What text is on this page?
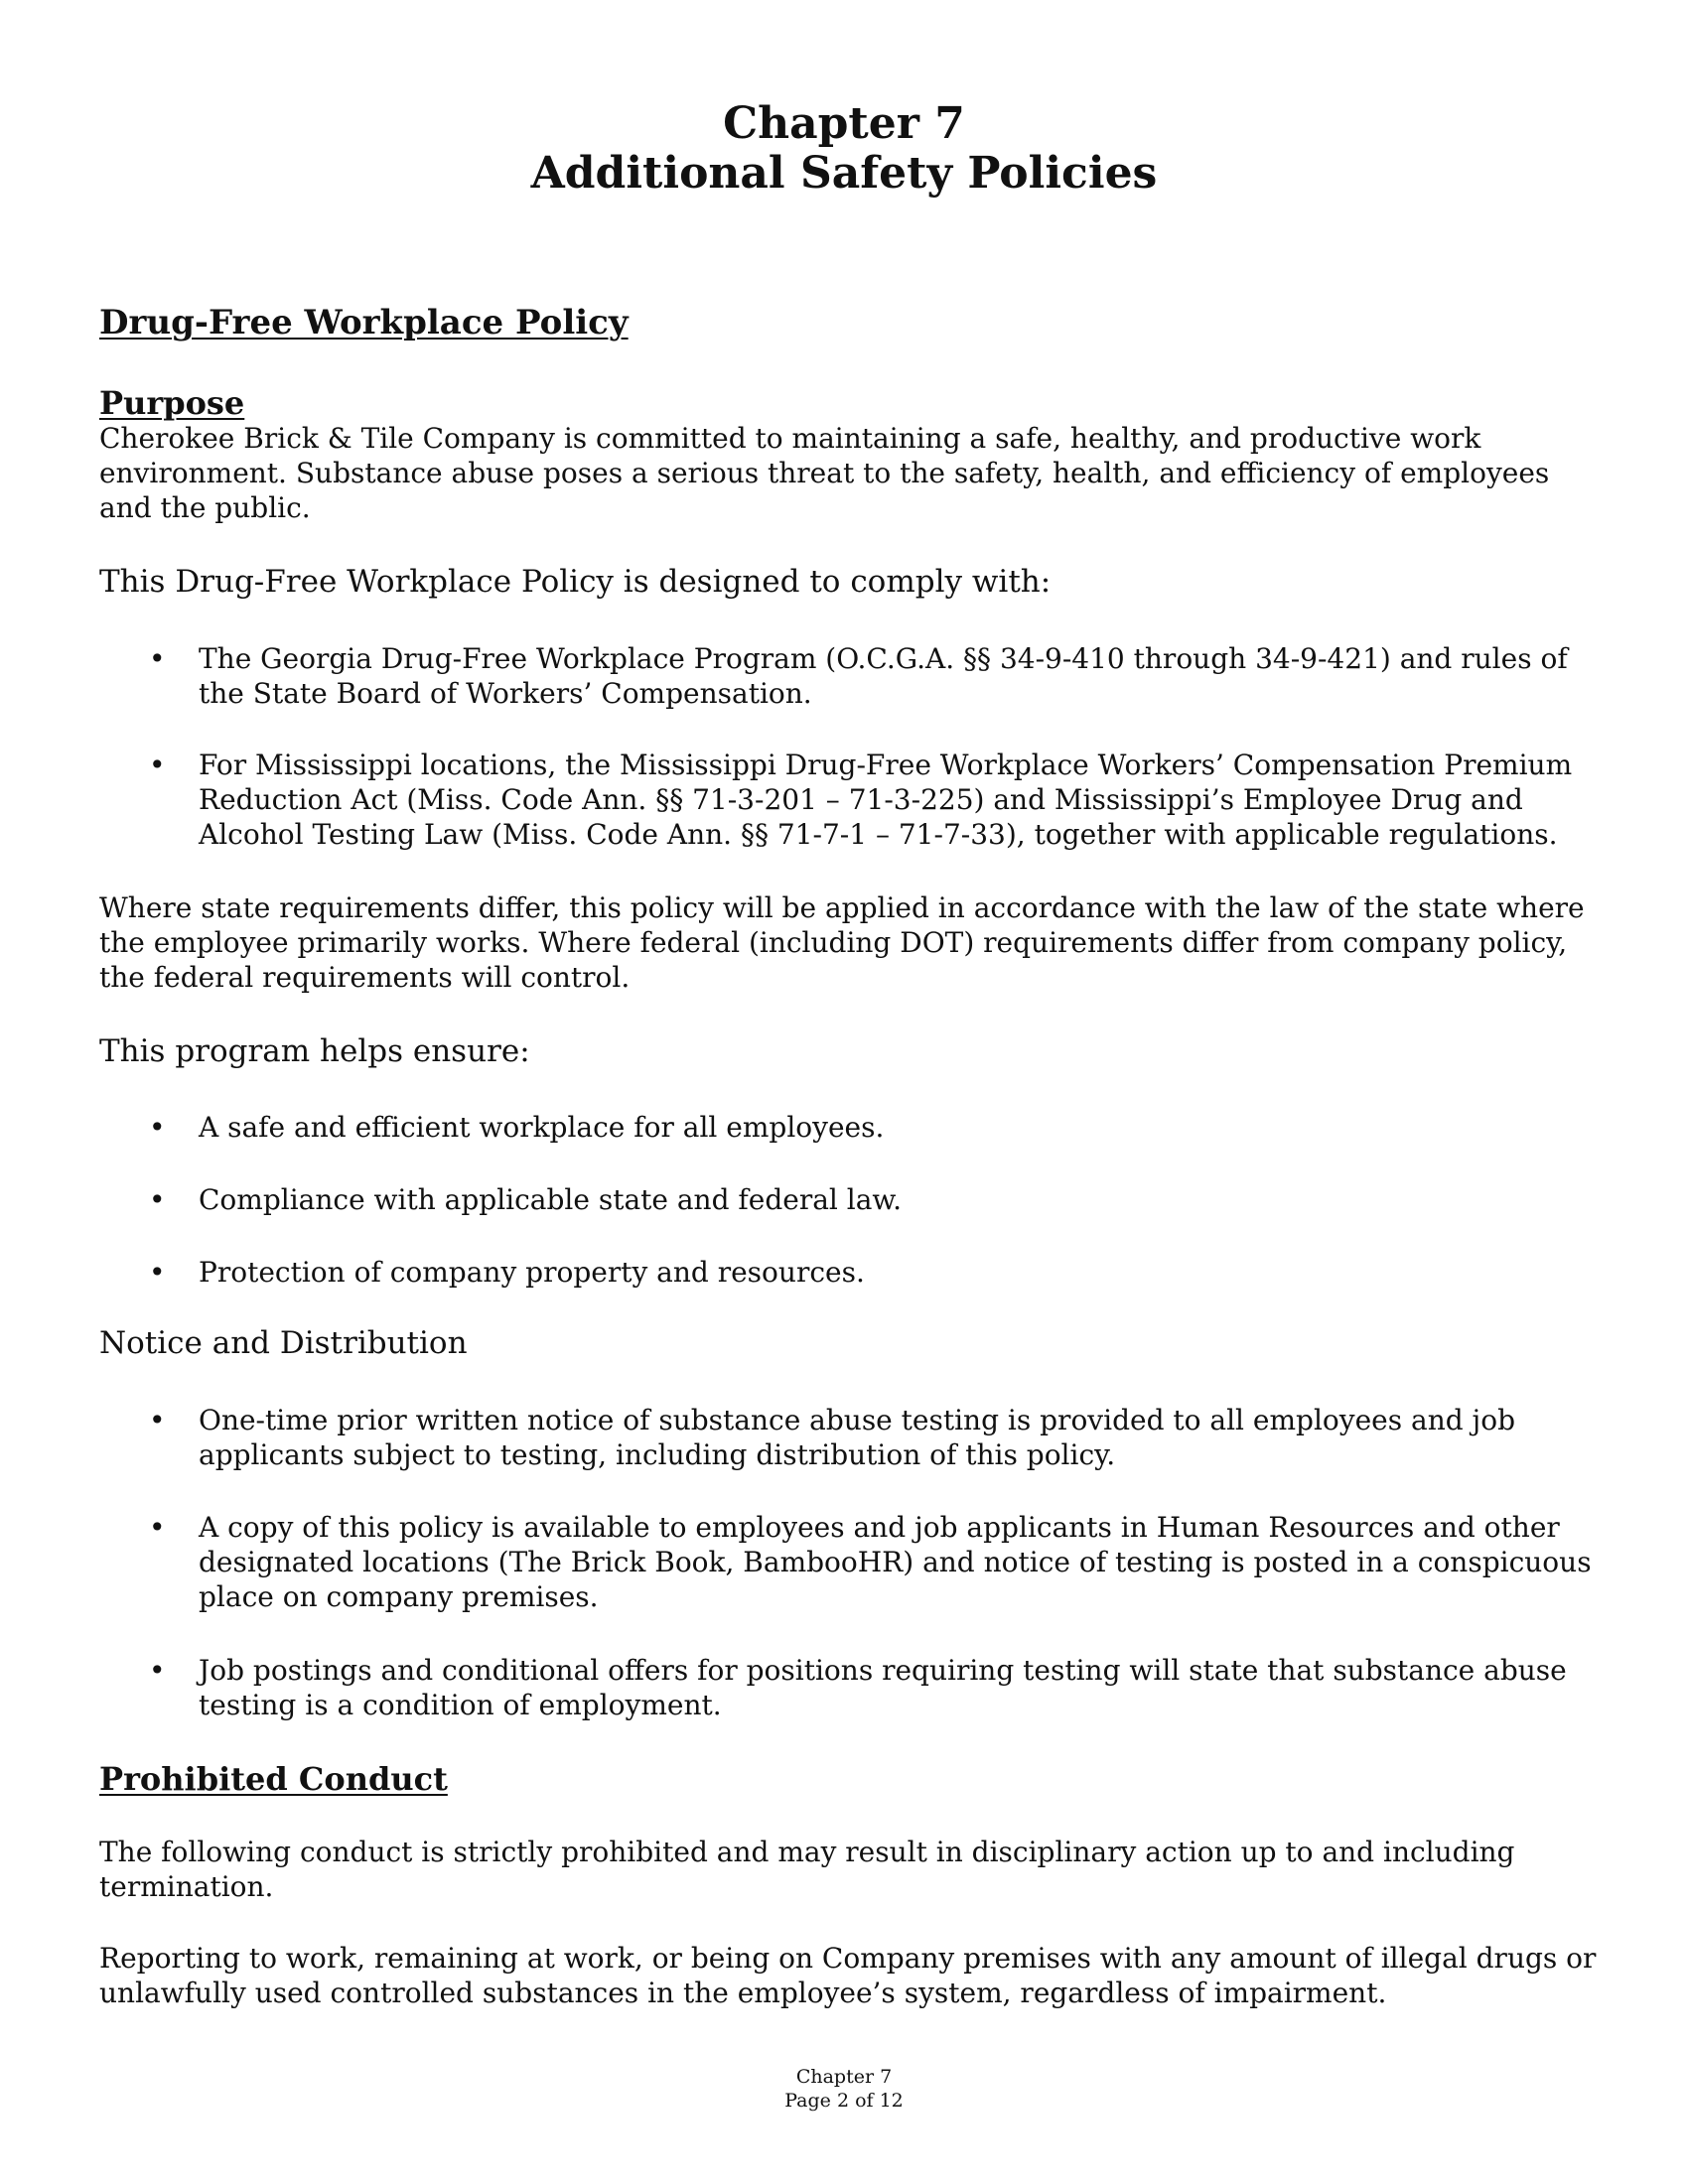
Chapter 7
Additional Safety Policies
Drug-Free Workplace Policy
Purpose

Cherokee Brick & Tile Company is committed to maintaining a safe, healthy, and productive work environment. Substance abuse poses a serious threat to the safety, health, and efficiency of employees and the public.

This Drug-Free Workplace Policy is designed to comply with:

• The Georgia Drug-Free Workplace Program (O.C.G.A. §§ 34-9-410 through 34-9-421) and rules of the State Board of Workers’ Compensation.
• For Mississippi locations, the Mississippi Drug-Free Workplace Workers’ Compensation Premium Reduction Act (Miss. Code Ann. §§ 71-3-201 – 71-3-225) and Mississippi’s Employee Drug and Alcohol Testing Law (Miss. Code Ann. §§ 71-7-1 – 71-7-33), together with applicable regulations.

Where state requirements differ, this policy will be applied in accordance with the law of the state where the employee primarily works. Where federal (including DOT) requirements differ from company policy, the federal requirements will control.

This program helps ensure:

• A safe and efficient workplace for all employees.
• Compliance with applicable state and federal law.
• Protection of company property and resources.

Notice and Distribution

• One-time prior written notice of substance abuse testing is provided to all employees and job applicants subject to testing, including distribution of this policy.
• A copy of this policy is available to employees and job applicants in Human Resources and other designated locations (The Brick Book, BambooHR) and notice of testing is posted in a conspicuous place on company premises.
• Job postings and conditional offers for positions requiring testing will state that substance abuse testing is a condition of employment.
Prohibited Conduct

The following conduct is strictly prohibited and may result in disciplinary action up to and including termination.

Reporting to work, remaining at work, or being on Company premises with any amount of illegal drugs or unlawfully used controlled substances in the employee’s system, regardless of impairment.

Chapter 7
Page 2 of 12
